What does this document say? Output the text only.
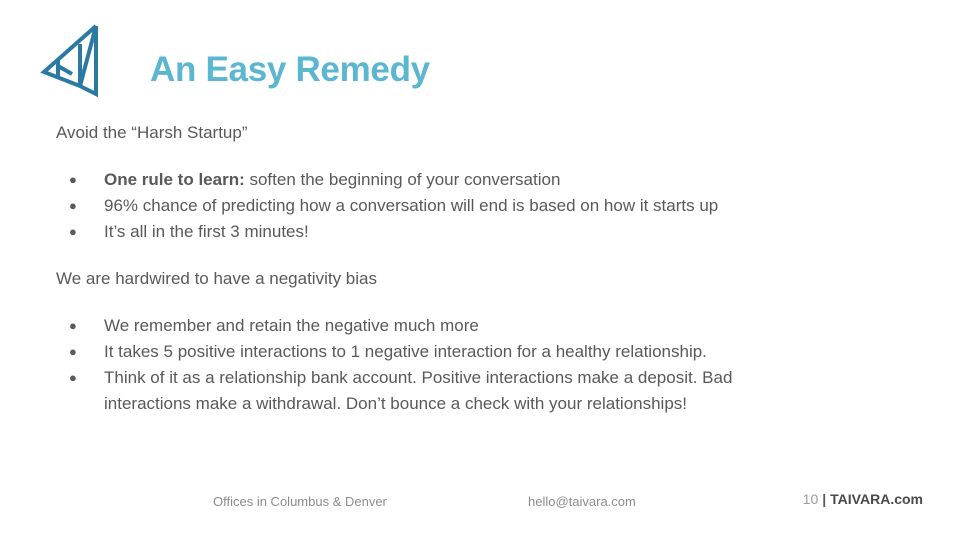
An Easy Remedy

Avoid the “Harsh Startup”

● One rule to learn: soften the beginning of your conversation
● 96% chance of predicting how a conversation will end is based on how it starts up
● It’s all in the first 3 minutes!

We are hardwired to have a negativity bias

● We remember and retain the negative much more
● It takes 5 positive interactions to 1 negative interaction for a healthy relationship.
● Think of it as a relationship bank account. Positive interactions make a deposit. Bad interactions make a withdrawal. Don’t bounce a check with your relationships!
Offices in Columbus & Denver	hello@taivara.com	10 | TAIVARA.com
